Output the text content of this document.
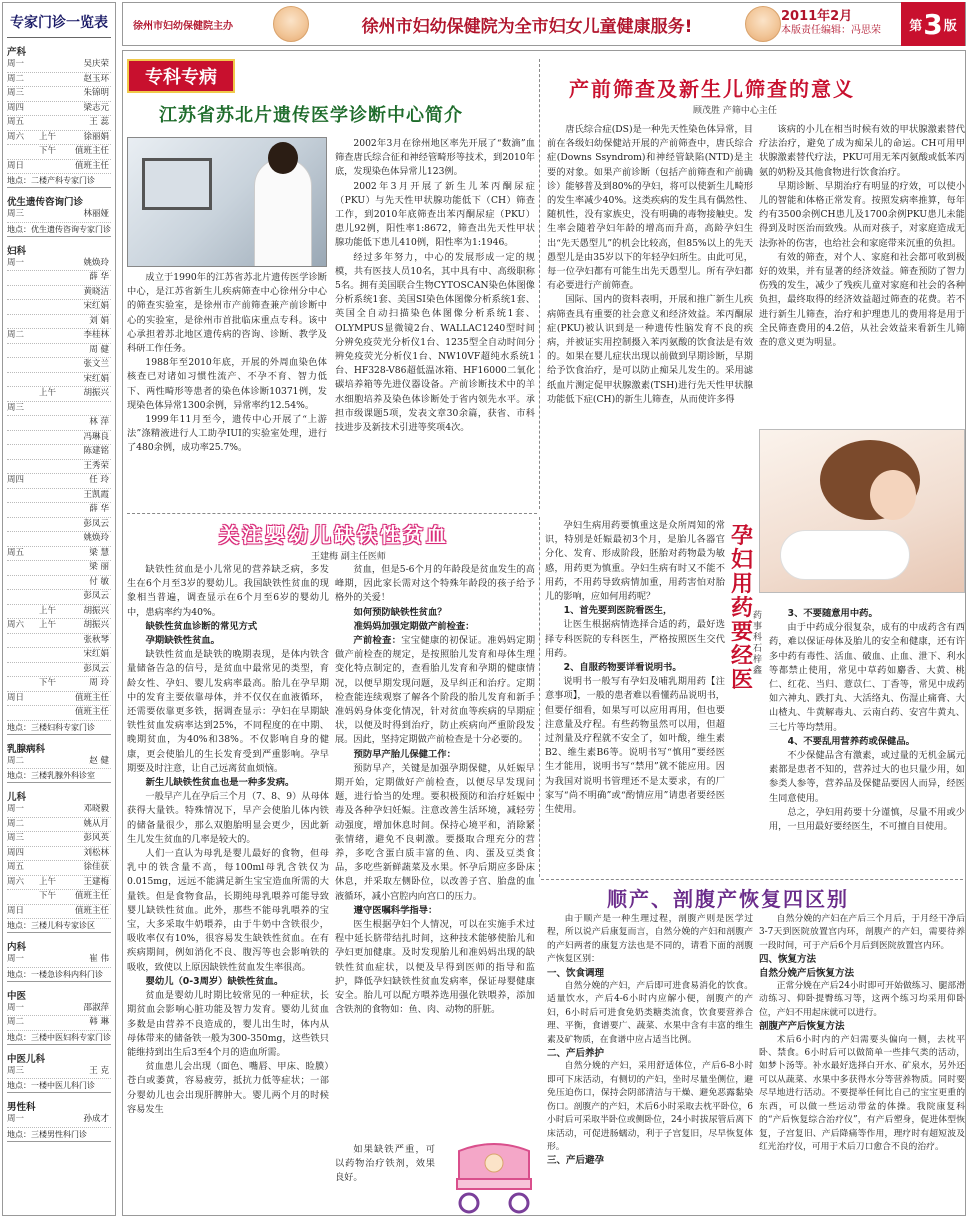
专家门诊一览表
产科
周一	吴庆荣
周二	赵玉环
周三	朱锦明
周四	梁志元
周五	王 蕊
周六	上午	徐丽娟
下午	值班主任
周日	值班主任
地点：二楼产科专家门诊
优生遗传咨询门诊
周三	林丽娅
地点：优生遗传咨询专家门诊
妇科
周一	姚焕玲
薛 华
黄晓洁
宋红娟
刘 娟
周二	李桂林
周 健
张文兰
宋红娟
上午	胡振兴
周三
林 萍
冯琳良
陈建铭
王秀荣
周四	任 玲
王凯霞
薛 华
彭凤云
姚焕玲
周五	梁 慧
梁 丽
付 敏
彭凤云
上午	胡振兴
周六	上午	胡振兴
张秋琴
宋红娟
彭凤云
下午	周 玲
周日	值班主任
值班主任
地点：三楼妇科专家门诊
乳腺病科
周二	赵 健
地点：三楼乳腺外科诊室
儿科
周一	邓晓毅
周二	姚从月
周三	彭风英
周四	刘松林
周五	徐佳获
周六	上午	王建梅
下午	值班主任
周日	值班主任
地点：三楼儿科专家诊区
内科
周一	崔 伟
地点：一楼急诊科内科门诊
中医
周一	邵淑萍
周二	韩 琳
地点：三楼中医妇科专家门诊
中医儿科
周三	王 克
地点：一楼中医儿科门诊
男性科
周一	孙成才
地点：三楼男性科门诊
徐州市妇幼保健院主办	徐州市妇幼保健院为全市妇女儿童健康服务!	2011年2月
本版责任编辑：冯思荣	第 3 版
专科专病
江苏省苏北片遗传医学诊断中心简介

成立于1990年的江苏省苏北片遗传医学诊断中心，是江苏省新生儿疾病筛查中心徐州分中心的筛查实验室，是徐州市产前筛查兼产前诊断中心的实验室，是徐州市首批临床重点专科。该中心承担着苏北地区遗传病的咨询、诊断、教学及科研工作任务。

1988年至2010年底，开展的外周血染色体核查已对诸如习惯性流产、不孕不育、智力低下、两性畸形等患者的染色体诊断10371例，发现染色体异常1300余例，异常率约12.54%。

1999年11月至今，遗传中心开展了“上游法”涤精液进行人工助孕IUI的实验室处理，进行了480余例，成功率25.7%。

2002年3月在徐州地区率先开展了“数滴”血筛查唐氏综合征和神经管畸形等技术，到2010年底，发现染色体异常儿123例。

2002年3月开展了新生儿苯丙酮尿症（PKU）与先天性甲状腺功能低下（CH）筛查工作，到2010年底筛查出苯丙酮尿症（PKU）患儿92例，阳性率1:8672，筛查出先天性甲状腺功能低下患儿410例，阳性率为1:1946。

经过多年努力，中心的发展形成一定的规模，共有医技人员10名，其中具有中、高级职称5名。拥有美国联合生物CYTOSCAN染色体图像分析系统1套、美国SI染色体图像分析系统1套、英国全自动扫描染色体图像分析系统1套、OLYMPUS显微镜2台、WALLAC1240型时间分辨免疫荧光分析仪1台、1235型全自动时间分辨免疫荧光分析仪1台、NW10VF超纯水系统1台、HF328-V86超低温冰箱、HF16000二氧化碳培养箱等先进仪器设备。产前诊断技术中的羊水细胞培养及染色体诊断处于省内领先水平。承担市级课题5项，发表文章30余篇，获省、市科技进步及新技术引进等奖项4次。

产前筛查及新生儿筛查的意义
顾茂胜 产筛中心主任

唐氏综合症(DS)是一种先天性染色体异常，目前在各级妇幼保健站开展的产前筛查中，唐氏综合症(Downs Ssyndrom)和神经管缺陷(NTD)是主要的对象。如果产前诊断（包括产前筛查和产前确诊）能够普及到80%的孕妇，将可以使新生儿畸形的发生率减少40%。这类疾病的发生具有偶然性、随机性，没有家族史，没有明确的毒物接触史。发生率会随着孕妇年龄的增高而升高，高龄孕妇生出“先天愚型儿”的机会比较高，但85%以上的先天愚型儿是由35岁以下的年轻孕妇所生。由此可见，每一位孕妇都有可能生出先天愚型儿。所有孕妇都有必要进行产前筛查。

国际、国内的资料表明，开展和推广新生儿疾病筛查具有重要的社会意义和经济效益。苯丙酮尿症(PKU)被认识到是一种遗传性脑发育不良的疾病，并被证实用控制摄入苯丙氨酸的饮食法是有效的。如果在婴儿症状出现以前做到早期诊断，早期给予饮食治疗，是可以防止痴呆儿发生的。采用滤纸血片测定促甲状腺激素(TSH)进行先天性甲状腺功能低下症(CH)的新生儿筛查，从而使许多得

该病的小儿在相当时候有效的甲状腺激素替代疗法治疗，避免了成为痴呆儿的命运。CH可用甲状腺激素替代疗法，PKU可用无苯丙氨酸或低苯丙氨的奶粉及其他食物进行饮食治疗。

早期诊断、早期治疗有明显的疗效，可以使小儿的智能和体格正常发育。按照发病率推算，每年约有3500余例CH患儿及1700余例PKU患儿未能得到及时医治而致残。从而对孩子，对家庭造成无法弥补的伤害，也给社会和家庭带来沉重的负担。

有效的筛查，对个人、家庭和社会都可收到极好的效果，并有显著的经济效益。筛查预防了智力伤残的发生，减少了残疾儿童对家庭和社会的各种负担，最终取得的经济效益超过筛查的花费。若不进行新生儿筛查，治疗和护理患儿的费用将是用于全民筛查费用的4.2倍，从社会效益来看新生儿筛查的意义更为明显。

关注婴幼儿缺铁性贫血
王建梅 副主任医师

缺铁性贫血是小儿常见的营养缺乏病，多发生在6个月至3岁的婴幼儿。我国缺铁性贫血的现象相当普遍，调查显示在6个月至6岁的婴幼儿中，患病率约为40%。

缺铁性贫血诊断的常见方式
孕期缺铁性贫血。

缺铁性贫血是缺铁的晚期表现，是体内铁含量储备告急的信号，是贫血中最常见的类型，育龄女性、孕妇、婴儿发病率最高。胎儿在孕早期中的发育主要依靠母体，并不仅仅在血液循环，还需要依靠更多铁，据调查显示：孕妇在早期缺铁性贫血发病率达到25%，不同程度的在中期、晚期贫血，为40%和38%。不仅影响自身的健康，更会使胎儿的生长发育受到严重影响。孕早期要及时注意，让自己远离贫血烦恼。

新生儿缺铁性贫血也是一种多发病。

一般早产儿在孕后三个月（7、8、9）从母体获得大量铁。特殊情况下，早产会使胎儿体内铁的储备量很少，那么双胞胎明显会更少，因此新生儿发生贫血的几率是较大的。

人们一直认为母乳是婴儿最好的食物，但母乳中的铁含量不高，每100ml母乳含铁仅为0.015mg，远远不能满足新生宝宝造血所需的大量铁。但是食物食品，长期纯母乳喂养可能导致婴儿缺铁性贫血。此外，那些不能母乳喂养的宝宝，大多采取牛奶喂养，由于牛奶中含铁很少，吸收率仅有10%，很容易发生缺铁性贫血。在有疾病期间，例如消化不良、腹泻等也会影响铁的吸收，致使以上原因缺铁性贫血发生率很高。

婴幼儿（0-3周岁）缺铁性贫血。

贫血是婴幼儿时期比较常见的一种症状，长期贫血会影响心脏功能及智力发育。婴幼儿贫血多数是由营养不良造成的，婴儿出生时，体内从母体带来的储备铁一般为300-350mg，这些铁只能维持到出生后3至4个月的造血所需。

贫血患儿会出现（面色、嘴唇、甲床、睑膜）苍白或萎黄，容易疲劳，抵抗力低等症状；一部分婴幼儿也会出现肝脾肿大。婴儿两个月的时候容易发生

贫血，但是5-6个月的年龄段是贫血发生的高峰期，因此家长需对这个特殊年龄段的孩子给予格外的关爱！

如何预防缺铁性贫血？
准妈妈加强定期做产前检查：

产前检查：宝宝健康的初保证。准妈妈定期做产前检查的规定，是按照胎儿发育和母体生理变化特点制定的，查看胎儿发育和孕期的健康情况，以便早期发现问题，及早纠正和治疗。定期检查能连续观察了解各个阶段的胎儿发育和新手准妈妈身体变化情况，针对贫血等疾病的早期症状，以便及时得到治疗，防止疾病向严重阶段发展。因此，坚持定期做产前检查是十分必要的。

预防早产胎儿保健工作：

预防早产，关键是加强孕期保健，从妊娠早期开始，定期做好产前检查，以便尽早发现问题，进行恰当的处理。要积极预防和治疗妊娠中毒及各种孕妇妊娠。注意改善生活环境，减轻劳动强度，增加休息时间。保持心境平和，消除紧张情绪，避免不良刺激。要摄取合理充分的营养，多吃含蛋白质丰富的鱼、肉、蛋及豆类食品，多吃些新鲜蔬菜及水果。怀孕后期应多卧床休息，并采取左侧卧位，以改善子宫、胎盘的血液循环，减小宫腔内向宫口的压力。

遵守医嘱科学指导：

医生根据孕妇个人情况，可以在实施手术过程中延长脐带结扎时间，这种技术能够使胎儿和孕妇更加健康。及时发现胎儿和准妈妈出现的缺铁性贫血症状，以便及早得到医师的指导和监护，降低孕妇缺铁性贫血发病率，保证母婴健康安全。胎儿可以配方喂养选用强化铁喂养，添加含铁剂的食物如：鱼、肉、动物的肝脏。

如果缺铁严重，可以药物治疗铁剂，效果良好。

孕妇生病用药要慎重这是众所周知的常识，特别是妊娠最初3个月，是胎儿各器官分化、发育、形成阶段，胚胎对药物最为敏感，用药更为慎重。孕妇生病有时又不能不用药，不用药导致病情加重，用药害怕对胎儿的影响，应如何用药呢？

1、首先要到医院看医生，

让医生根据病情选择合适的药，最好选择专科医院的专科医生，严格按照医生交代用药。

2、自服药物要详看说明书。

说明书一般写有孕妇及哺乳期用药【注意事项】，一般的患者难以看懂药品说明书，但要仔细看，如果写可以应用再用，但也要注意量及疗程。有些药物虽然可以用，但超过剂量及疗程就不安全了，如叶酸，维生素B2、维生素B6等。说明书写“慎用”要经医生才能用，说明书写“禁用”就不能应用。因为我国对说明书管理还不是太要求，有的厂家写“尚不明确”或“酌情应用”请患者要经医生使用。

孕妇用药要经医
药事科 石梓鑫
3、不要随意用中药。

由于中药成分很复杂，成有的中成药含有西药，难以保证母体及胎儿的安全和健康，还有许多中药有毒性、活血、破血、止血、泄下、利水等都禁止使用，常见中草药如麝香、大黄、桃仁、红花、当归、薏苡仁、丁香等，常见中成药如六神丸、跌打丸、大活络丸、伤湿止痛膏、大山楂丸、牛黄解毒丸、云南白药、安宫牛黄丸、三七片等均禁用。

4、不要乱用营养药或保健品。

不少保健品含有激素，或过量的无机金属元素都是患者不知的，营养过大的也只量少用，如参类人参等，营养品及保健品要因人而异，经医生同意使用。

总之，孕妇用药要十分谨慎，尽量不用或少用，一旦用最好要经医生，不可擅自目使用。

顺产、剖腹产恢复四区别

由于顺产是一种生理过程，剖腹产则是医学过程，所以说产后康复而言，自然分娩的产妇和剖腹产的产妇两者的康复方法也是不同的，请看下面的剖腹产恢复区别：

一、饮食调理

自然分娩的产妇，产后即可进食易消化的饮食。适量饮水，产后4-6小时内应解小便，剖腹产的产妇，6小时后可进食免奶类糖类流食，饮食要营养合理、平衡，食谱要广、蔬菜、水果中含有丰富的维生素及矿物质，在食谱中应占适当比例。

二、产后养护

自然分娩的产妇，采用舒适体位，产后6-8小时即可下床活动，有侧切的产妇，坐时尽量坐侧位，避免压迫伤口，保持会阴部清洁与干燥、避免恶露黏染伤口。剖腹产的产妇，术后6小时采取去枕平卧位，6小时后可采取半卧位或侧卧位，24小时拔尿管后离下床活动，可促进肠蠕动，利于子宫复旧，尽早恢复体形。

三、产后避孕

自然分娩的产妇在产后三个月后，于月经干净后3-7天到医院放置宫内环，剖腹产的产妇，需要待养一段时间，可于产后6个月后到医院放置宫内环。

四、恢复方法
自然分娩产后恢复方法

正常分娩在产后24小时即可开始做练习、腿部滑动练习、仰卧提臀练习等，这两个练习均采用仰卧位，产妇不用起床就可以进行。

剖腹产产后恢复方法

术后6小时内的产妇需要头偏向一侧，去枕平卧、禁食。6小时后可以做简单一些排气类的活动，如梦卜汤等。补水最好选择白开水、矿泉水，另外还可以从蔬菜、水果中多获得水分等营养物质。同时要尽早地进行活动。不要提举任何比自己的宝宝更重的东西，可以做一些运动带盆的体操。我院康复科的“产后恢复综合治疗仪”，有产后塑身，促进体型恢复，子宫复旧、产后降痛等作用，理疗时有超短波及红光治疗仪，可用于术后刀口愈合不良的治疗。
